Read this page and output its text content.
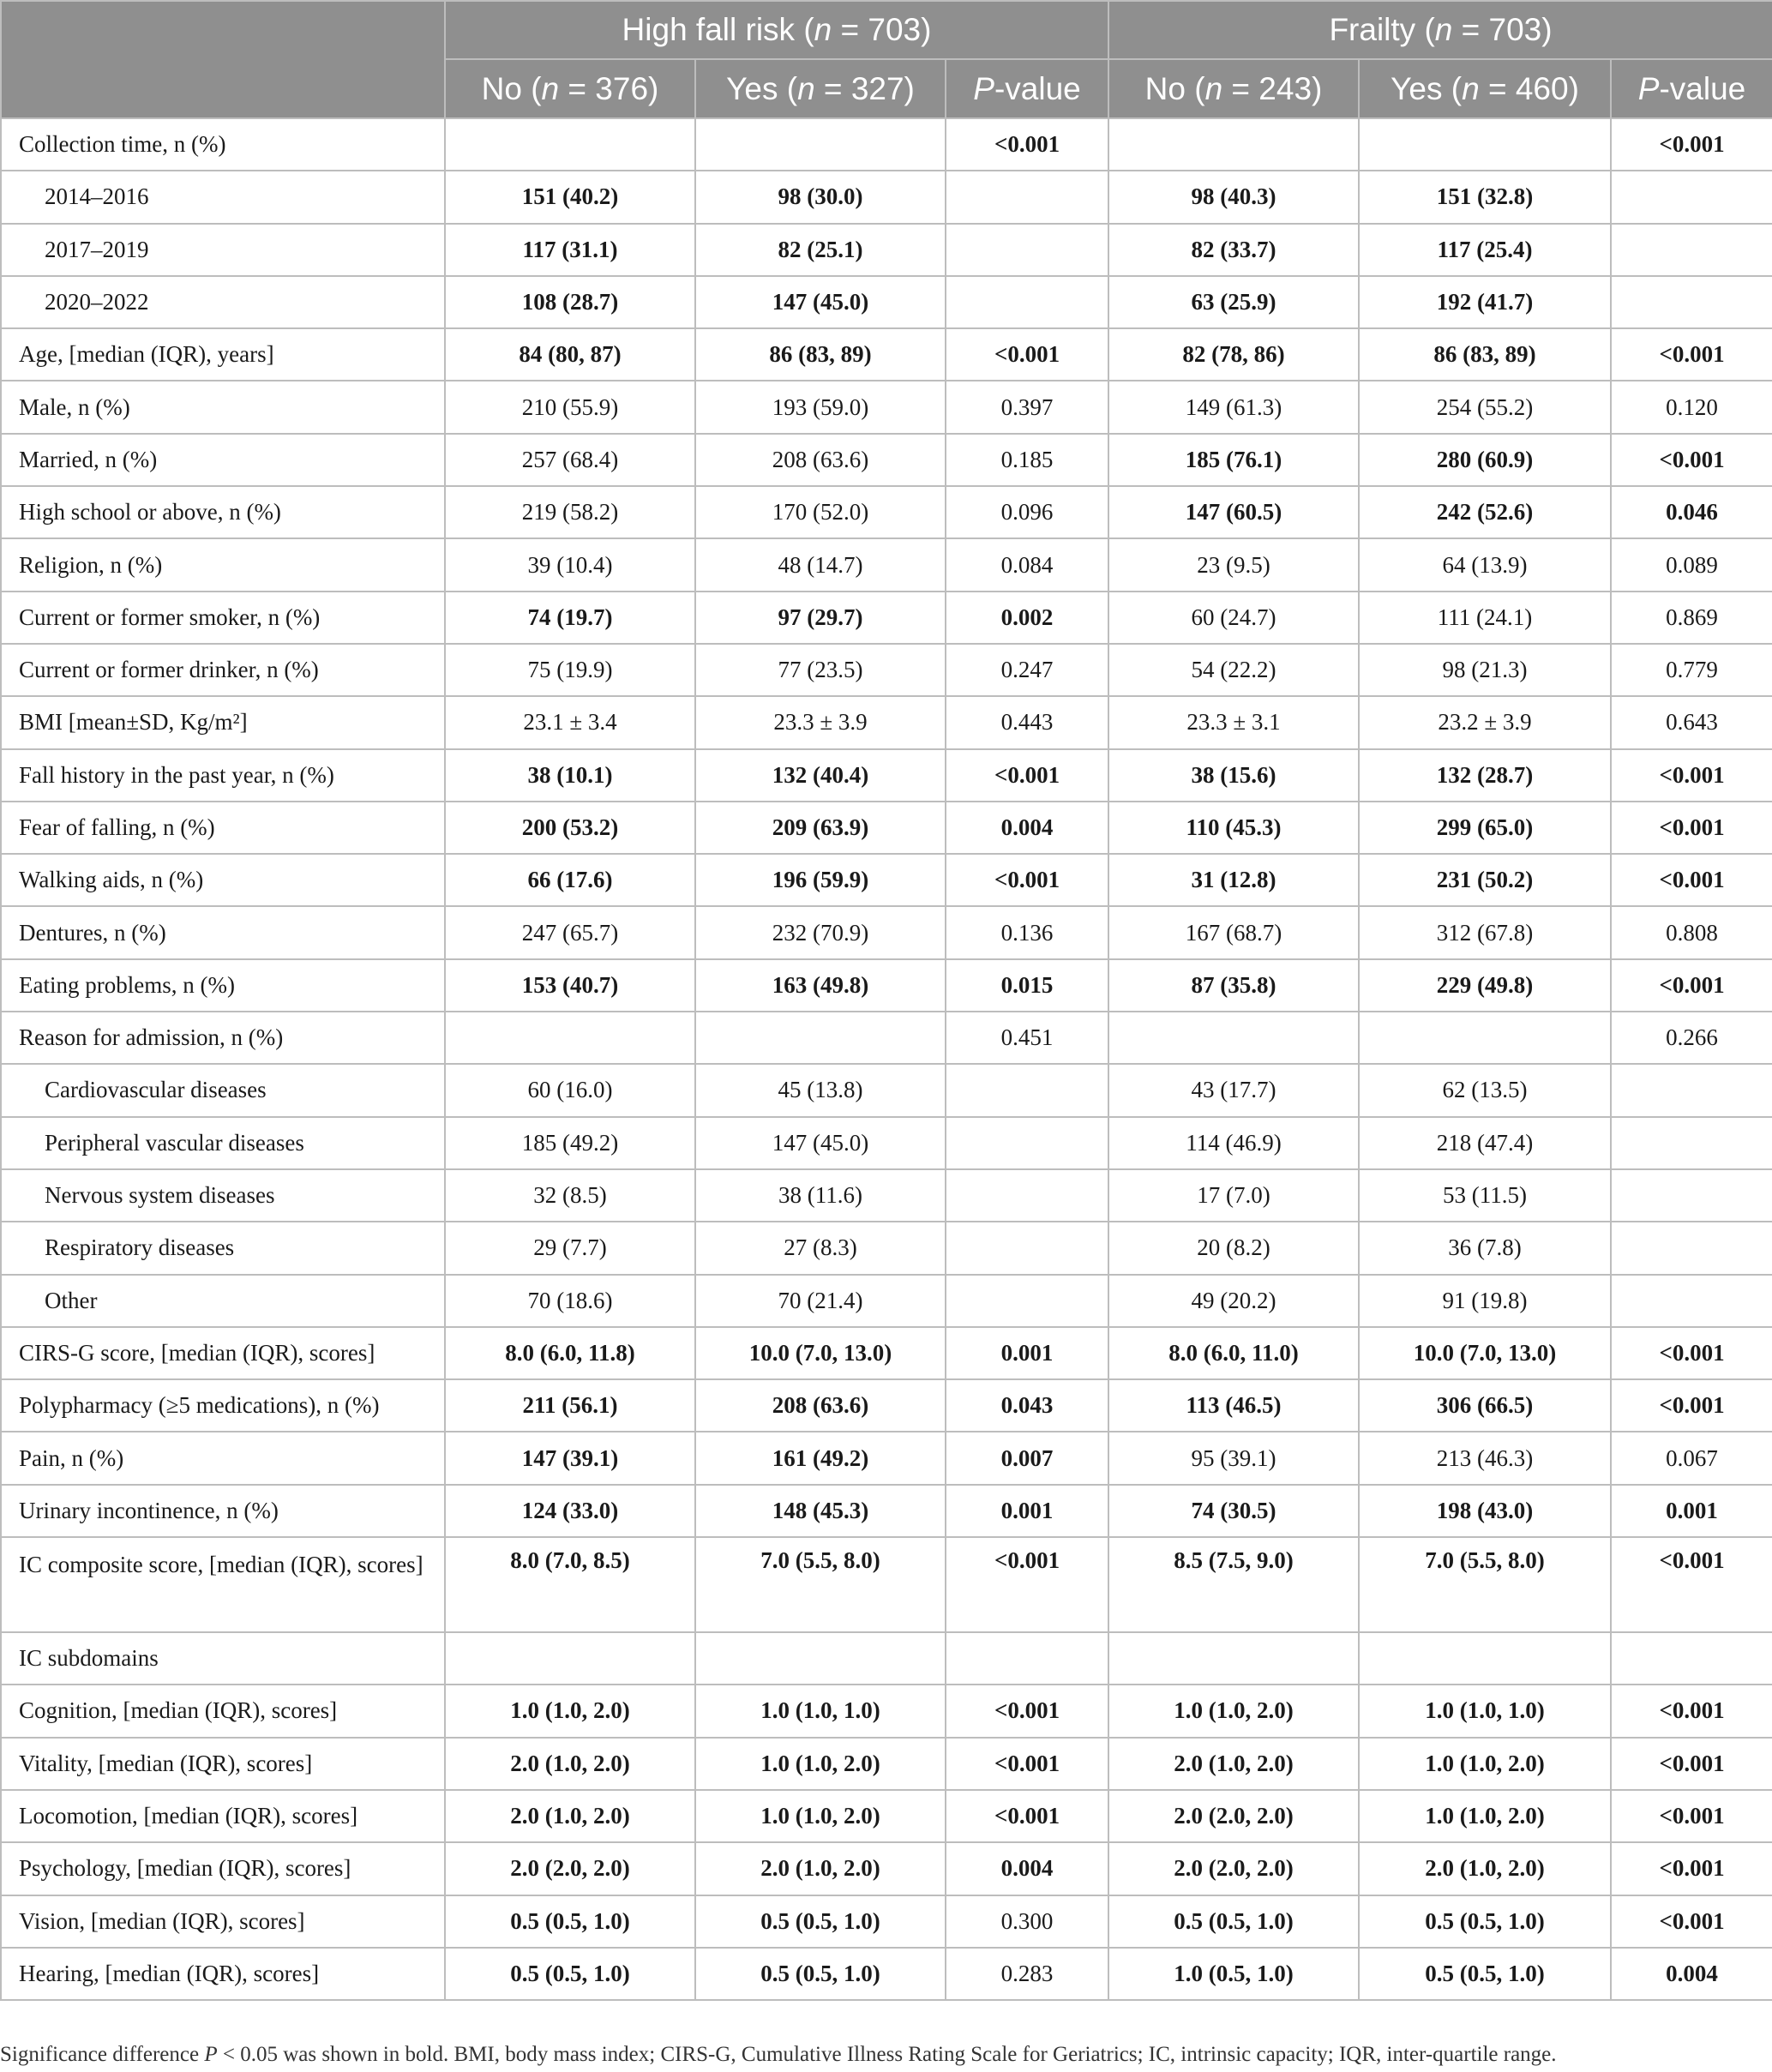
	High fall risk (n = 703)			Frailty (n = 703)		
	No (n = 376)	Yes (n = 327)	P-value	No (n = 243)	Yes (n = 460)	P-value
Collection time, n (%)			<0.001			<0.001
2014–2016	151 (40.2)	98 (30.0)		98 (40.3)	151 (32.8)	
2017–2019	117 (31.1)	82 (25.1)		82 (33.7)	117 (25.4)	
2020–2022	108 (28.7)	147 (45.0)		63 (25.9)	192 (41.7)	
Age, [median (IQR), years]	84 (80, 87)	86 (83, 89)	<0.001	82 (78, 86)	86 (83, 89)	<0.001
Male, n (%)	210 (55.9)	193 (59.0)	0.397	149 (61.3)	254 (55.2)	0.120
Married, n (%)	257 (68.4)	208 (63.6)	0.185	185 (76.1)	280 (60.9)	<0.001
High school or above, n (%)	219 (58.2)	170 (52.0)	0.096	147 (60.5)	242 (52.6)	0.046
Religion, n (%)	39 (10.4)	48 (14.7)	0.084	23 (9.5)	64 (13.9)	0.089
Current or former smoker, n (%)	74 (19.7)	97 (29.7)	0.002	60 (24.7)	111 (24.1)	0.869
Current or former drinker, n (%)	75 (19.9)	77 (23.5)	0.247	54 (22.2)	98 (21.3)	0.779
BMI [mean±SD, Kg/m²]	23.1 ± 3.4	23.3 ± 3.9	0.443	23.3 ± 3.1	23.2 ± 3.9	0.643
Fall history in the past year, n (%)	38 (10.1)	132 (40.4)	<0.001	38 (15.6)	132 (28.7)	<0.001
Fear of falling, n (%)	200 (53.2)	209 (63.9)	0.004	110 (45.3)	299 (65.0)	<0.001
Walking aids, n (%)	66 (17.6)	196 (59.9)	<0.001	31 (12.8)	231 (50.2)	<0.001
Dentures, n (%)	247 (65.7)	232 (70.9)	0.136	167 (68.7)	312 (67.8)	0.808
Eating problems, n (%)	153 (40.7)	163 (49.8)	0.015	87 (35.8)	229 (49.8)	<0.001
Reason for admission, n (%)			0.451			0.266
Cardiovascular diseases	60 (16.0)	45 (13.8)		43 (17.7)	62 (13.5)	
Peripheral vascular diseases	185 (49.2)	147 (45.0)		114 (46.9)	218 (47.4)	
Nervous system diseases	32 (8.5)	38 (11.6)		17 (7.0)	53 (11.5)	
Respiratory diseases	29 (7.7)	27 (8.3)		20 (8.2)	36 (7.8)	
Other	70 (18.6)	70 (21.4)		49 (20.2)	91 (19.8)	
CIRS-G score, [median (IQR), scores]	8.0 (6.0, 11.8)	10.0 (7.0, 13.0)	0.001	8.0 (6.0, 11.0)	10.0 (7.0, 13.0)	<0.001
Polypharmacy (≥5 medications), n (%)	211 (56.1)	208 (63.6)	0.043	113 (46.5)	306 (66.5)	<0.001
Pain, n (%)	147 (39.1)	161 (49.2)	0.007	95 (39.1)	213 (46.3)	0.067
Urinary incontinence, n (%)	124 (33.0)	148 (45.3)	0.001	74 (30.5)	198 (43.0)	0.001
IC composite score, [median (IQR), scores]	8.0 (7.0, 8.5)	7.0 (5.5, 8.0)	<0.001	8.5 (7.5, 9.0)	7.0 (5.5, 8.0)	<0.001
IC subdomains						
Cognition, [median (IQR), scores]	1.0 (1.0, 2.0)	1.0 (1.0, 1.0)	<0.001	1.0 (1.0, 2.0)	1.0 (1.0, 1.0)	<0.001
Vitality, [median (IQR), scores]	2.0 (1.0, 2.0)	1.0 (1.0, 2.0)	<0.001	2.0 (1.0, 2.0)	1.0 (1.0, 2.0)	<0.001
Locomotion, [median (IQR), scores]	2.0 (1.0, 2.0)	1.0 (1.0, 2.0)	<0.001	2.0 (2.0, 2.0)	1.0 (1.0, 2.0)	<0.001
Psychology, [median (IQR), scores]	2.0 (2.0, 2.0)	2.0 (1.0, 2.0)	0.004	2.0 (2.0, 2.0)	2.0 (1.0, 2.0)	<0.001
Vision, [median (IQR), scores]	0.5 (0.5, 1.0)	0.5 (0.5, 1.0)	0.300	0.5 (0.5, 1.0)	0.5 (0.5, 1.0)	<0.001
Hearing, [median (IQR), scores]	0.5 (0.5, 1.0)	0.5 (0.5, 1.0)	0.283	1.0 (0.5, 1.0)	0.5 (0.5, 1.0)	0.004
Significance difference P < 0.05 was shown in bold. BMI, body mass index; CIRS-G, Cumulative Illness Rating Scale for Geriatrics; IC, intrinsic capacity; IQR, inter-quartile range.
